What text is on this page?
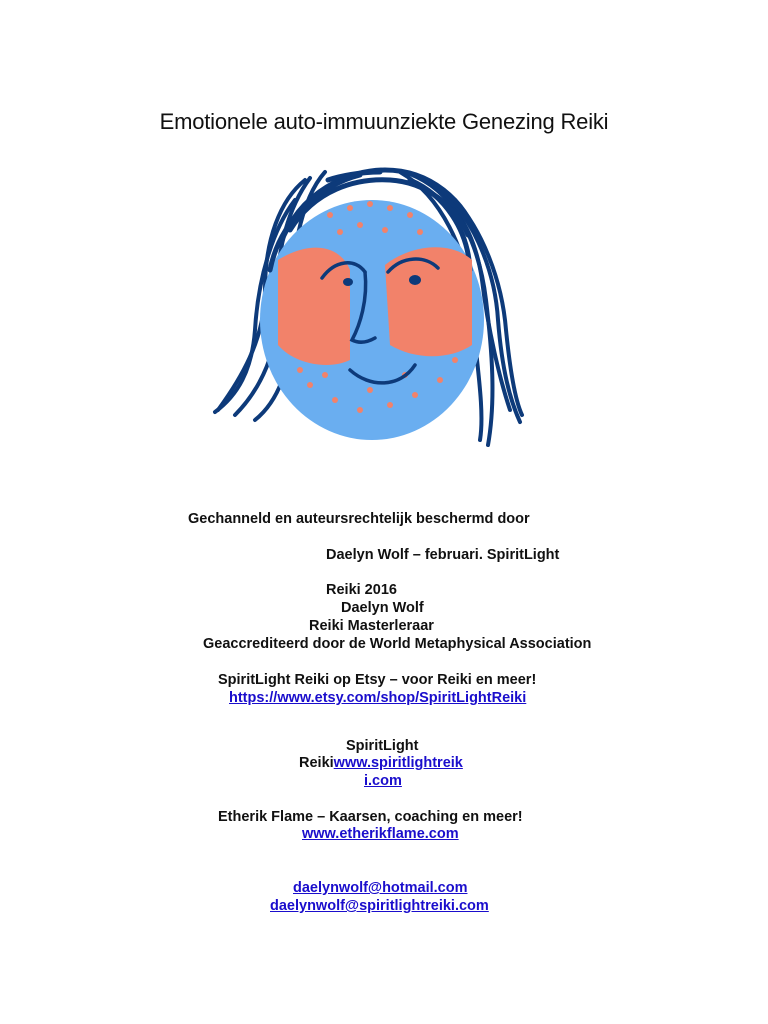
Emotionele auto-immuunziekte Genezing Reiki
Gechanneld en auteursrechtelijk beschermd door
Daelyn Wolf – februari. SpiritLight
Reiki 2016
Daelyn Wolf
Reiki Masterleraar
Geaccrediteerd door de World Metaphysical Association
SpiritLight Reiki op Etsy – voor Reiki en meer!
https://www.etsy.com/shop/SpiritLightReiki
SpiritLight
Reikiwww.spiritlightreik
i.com
Etherik Flame – Kaarsen, coaching en meer!
www.etherikflame.com
daelynwolf@hotmail.com
daelynwolf@spiritlightreiki.com
